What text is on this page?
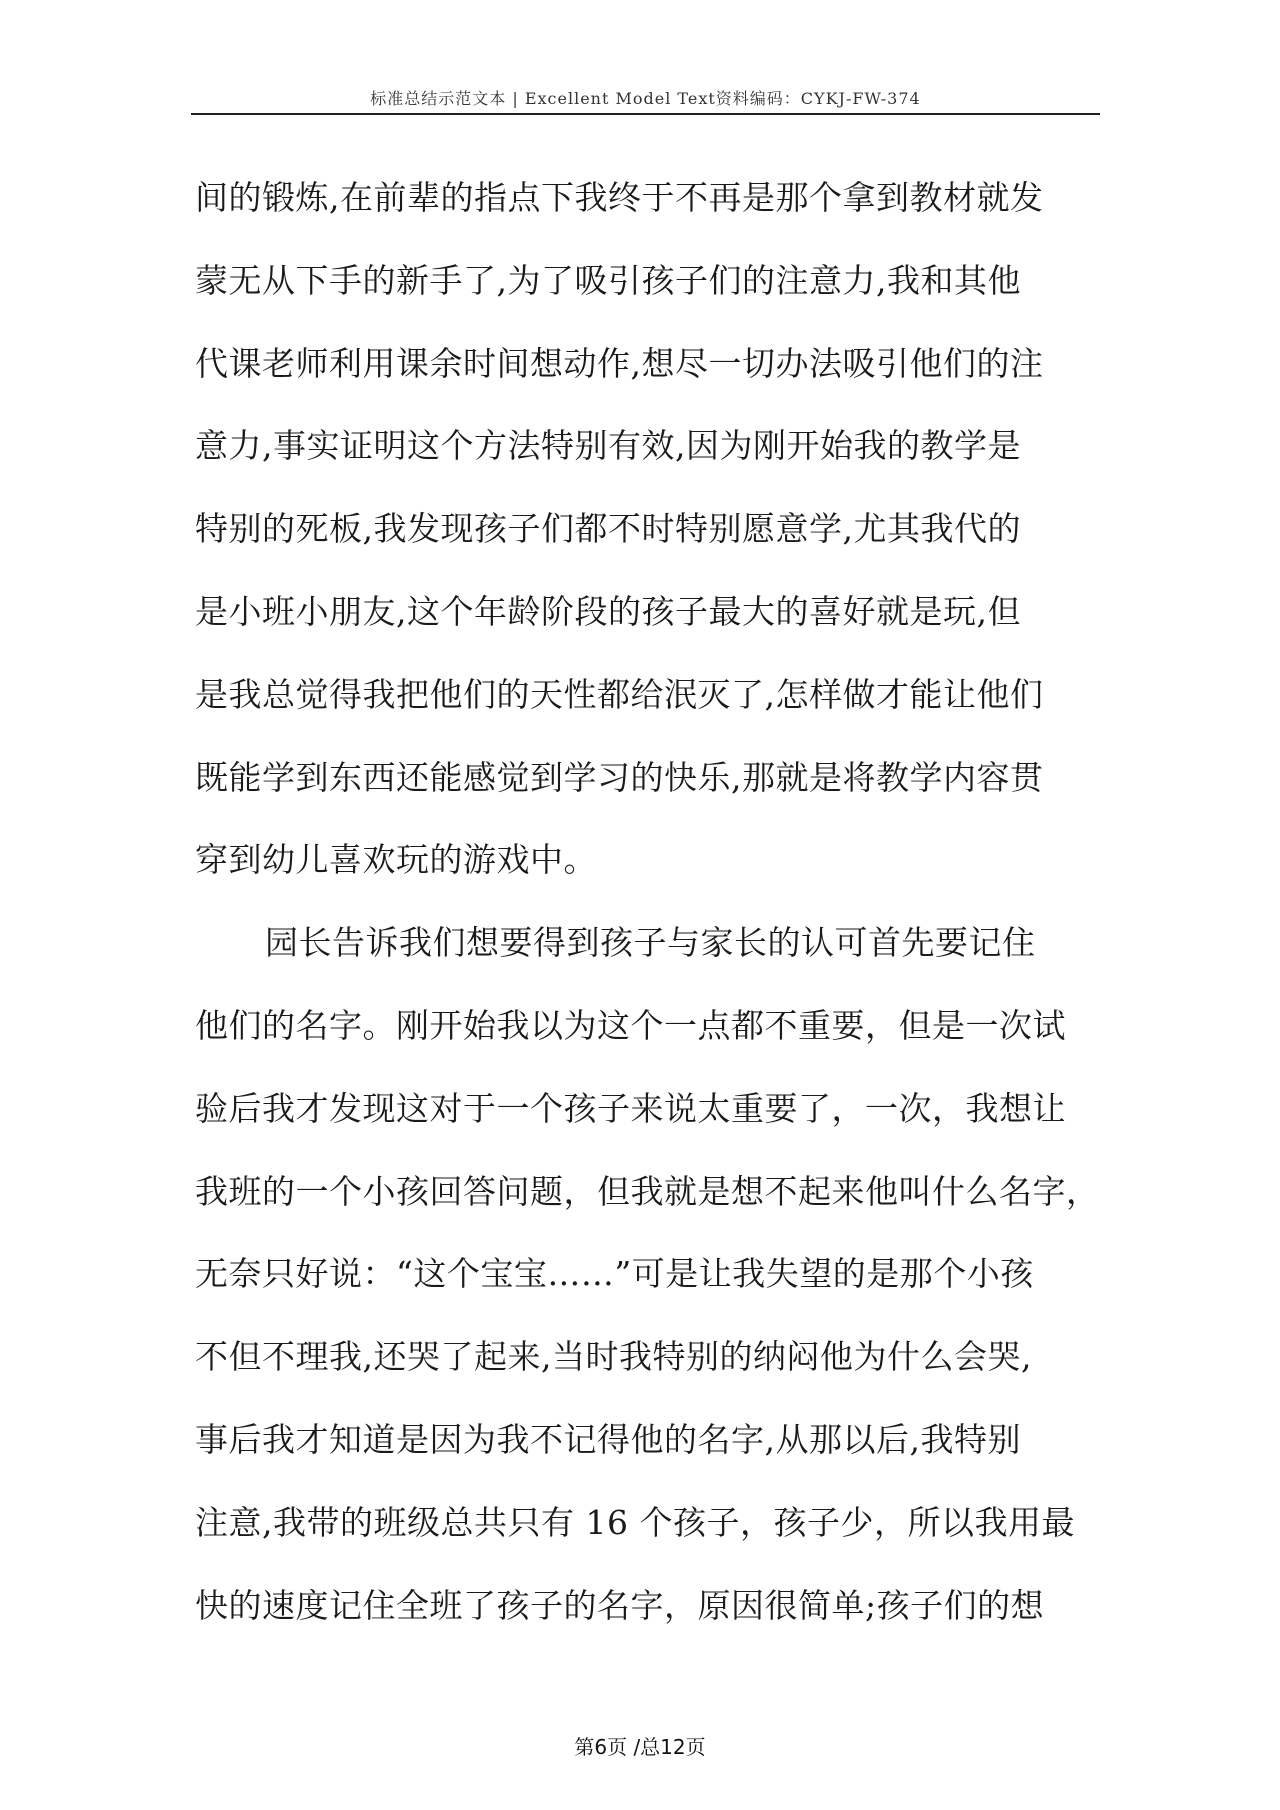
标准总结示范文本 | Excellent Model Text资料编码：CYKJ-FW-374
间的锻炼,在前辈的指点下我终于不再是那个拿到教材就发
蒙无从下手的新手了,为了吸引孩子们的注意力,我和其他
代课老师利用课余时间想动作,想尽一切办法吸引他们的注
意力,事实证明这个方法特别有效,因为刚开始我的教学是
特别的死板,我发现孩子们都不时特别愿意学,尤其我代的
是小班小朋友,这个年龄阶段的孩子最大的喜好就是玩,但
是我总觉得我把他们的天性都给泯灭了,怎样做才能让他们
既能学到东西还能感觉到学习的快乐,那就是将教学内容贯
穿到幼儿喜欢玩的游戏中。
园长告诉我们想要得到孩子与家长的认可首先要记住
他们的名字。刚开始我以为这个一点都不重要，但是一次试
验后我才发现这对于一个孩子来说太重要了，一次，我想让
我班的一个小孩回答问题，但我就是想不起来他叫什么名字，
无奈只好说：“这个宝宝……”可是让我失望的是那个小孩
不但不理我,还哭了起来,当时我特别的纳闷他为什么会哭,
事后我才知道是因为我不记得他的名字,从那以后,我特别
注意,我带的班级总共只有 16 个孩子，孩子少，所以我用最
快的速度记住全班了孩子的名字，原因很简单;孩子们的想
第6页 /总12页
